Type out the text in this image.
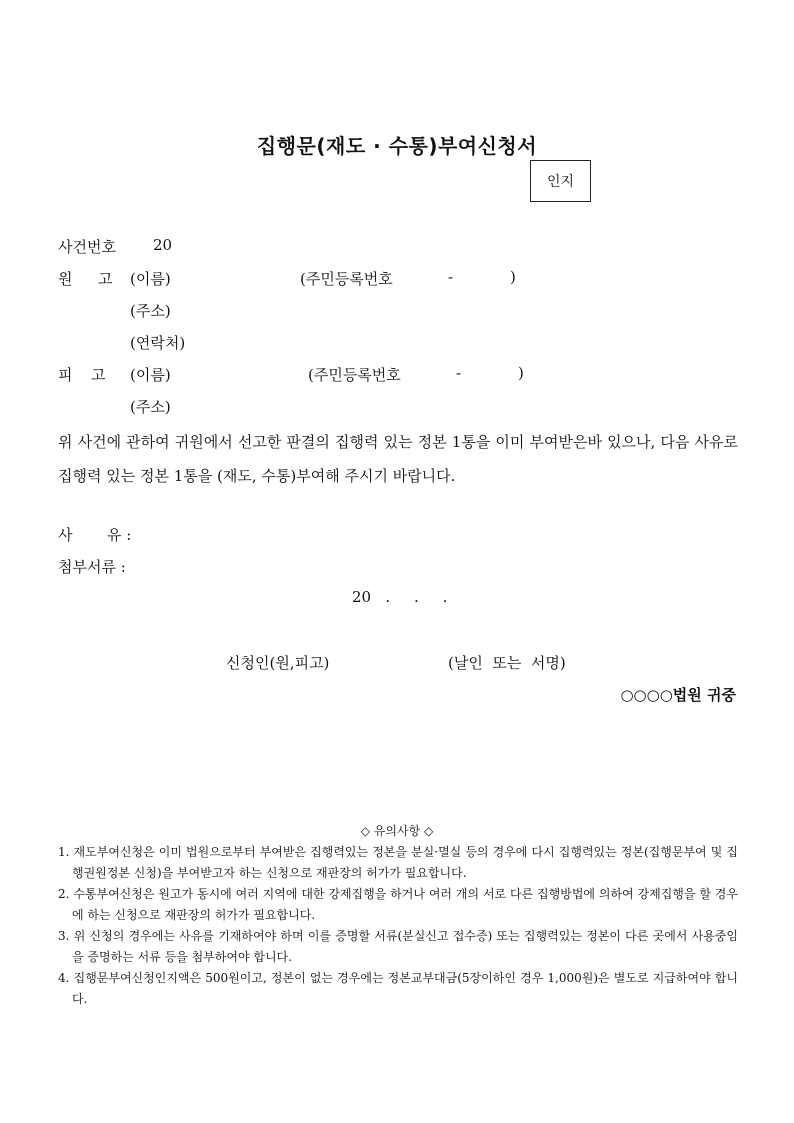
집행문(재도 · 수통)부여신청서
인지
사건번호 20
원 고 (이름)	(주민등록번호	-	)
(주소)
(연락처)
피 고 (이름)	(주민등록번호	-	)
(주소)
위 사건에 관하여 귀원에서 선고한 판결의 집행력 있는 정본 1통을 이미 부여받은바 있으나, 다음 사유로 집행력 있는 정본 1통을 (재도, 수통)부여해 주시기 바랍니다.
사 유 :
첨부서류 :
20   .     .     .
신청인(원,피고)	(날인  또는  서명)
○○○○법원 귀중
◇ 유의사항 ◇
1. 재도부여신청은 이미 법원으로부터 부여받은 집행력있는 정본을 분실·멸실 등의 경우에 다시 집행력있는 정본(집행문부여 및 집행권원정본 신청)을 부여받고자 하는 신청으로 재판장의 허가가 필요합니다.
2. 수통부여신청은 원고가 동시에 여러 지역에 대한 강제집행을 하거나 여러 개의 서로 다른 집행방법에 의하여 강제집행을 할 경우에 하는 신청으로 재판장의 허가가 필요합니다.
3. 위 신청의 경우에는 사유를 기재하여야 하며 이를 증명할 서류(분실신고 접수증) 또는 집행력있는 정본이 다른 곳에서 사용중임을 증명하는 서류 등을 첨부하여야 합니다.
4. 집행문부여신청인지액은 500원이고, 정본이 없는 경우에는 정본교부대금(5장이하인 경우 1,000원)은 별도로 지급하여야 합니다.
